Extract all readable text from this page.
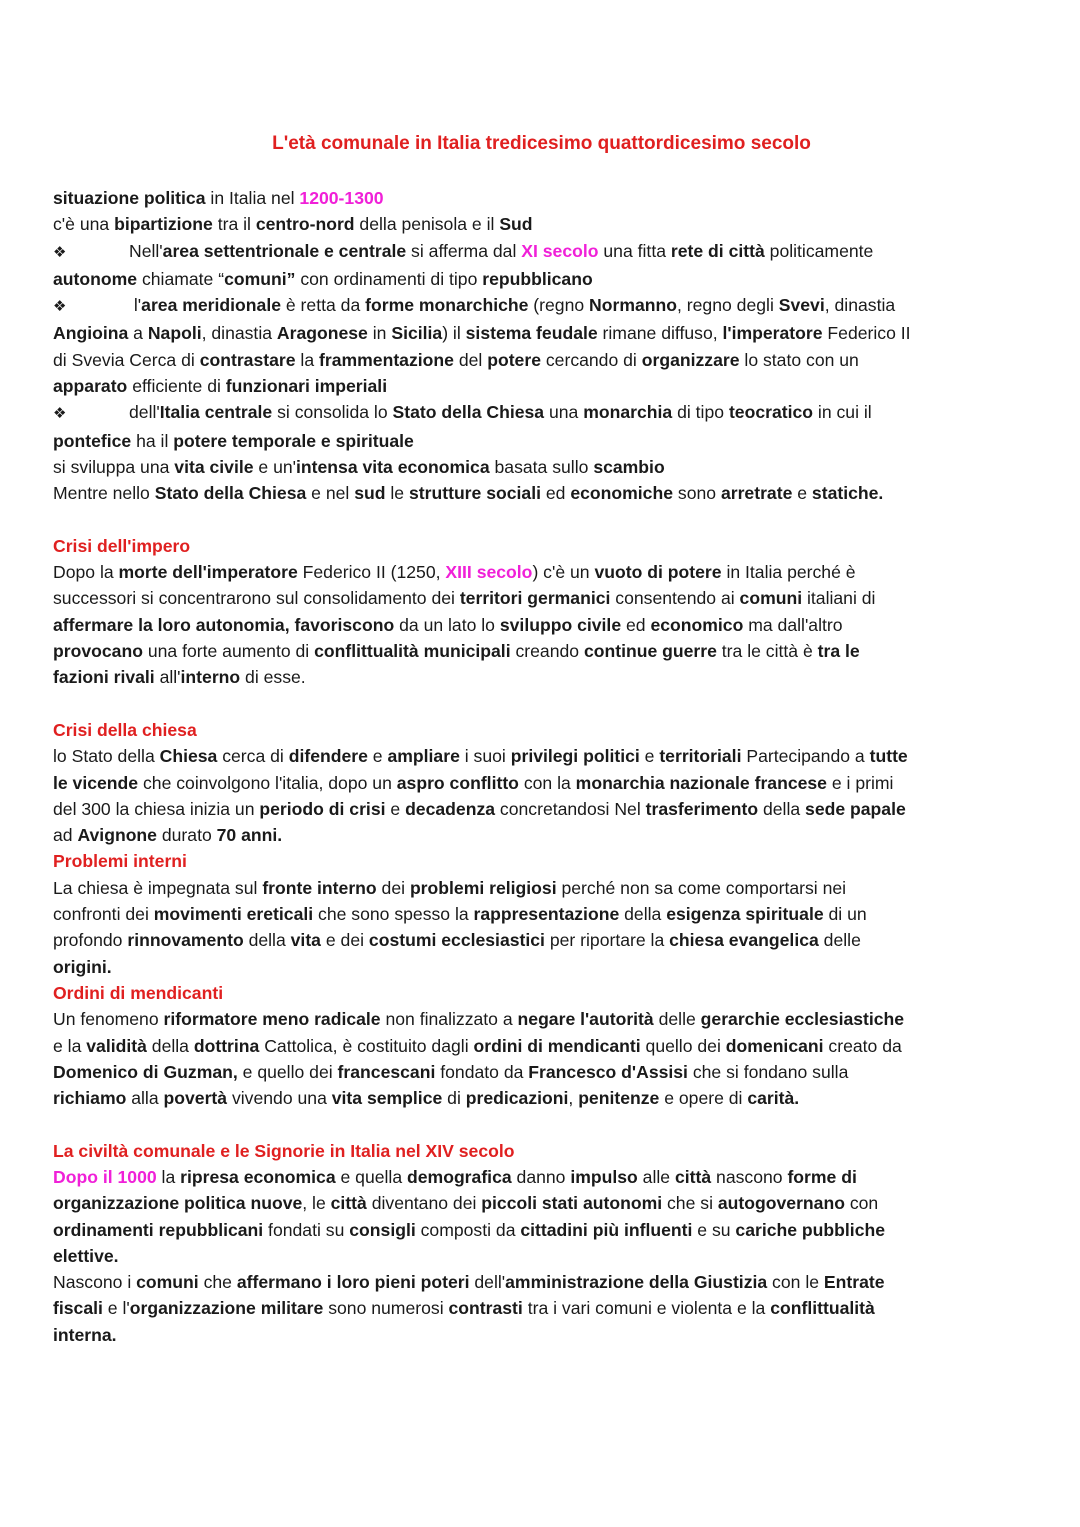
L'età comunale in Italia tredicesimo quattordicesimo secolo
situazione politica in Italia nel 1200-1300
c'è una bipartizione tra il centro-nord della penisola e il Sud
❖	Nell'area settentrionale e centrale si afferma dal XI secolo una fitta rete di città politicamente
autonome chiamate “comuni” con ordinamenti di tipo repubblicano
❖	l'area meridionale è retta da forme monarchiche (regno Normanno, regno degli Svevi, dinastia
Angioina a Napoli, dinastia Aragonese in Sicilia) il sistema feudale rimane diffuso, l'imperatore Federico II
di Svevia Cerca di contrastare la frammentazione del potere cercando di organizzare lo stato con un
apparato efficiente di funzionari imperiali
❖	dell'Italia centrale si consolida lo Stato della Chiesa una monarchia di tipo teocratico in cui il
pontefice ha il potere temporale e spirituale
si sviluppa una vita civile e un'intensa vita economica basata sullo scambio
Mentre nello Stato della Chiesa e nel sud le strutture sociali ed economiche sono arretrate e statiche.
Crisi dell'impero
Dopo la morte dell'imperatore Federico II (1250, XIII secolo) c'è un vuoto di potere in Italia perché è
successori si concentrarono sul consolidamento dei territori germanici consentendo ai comuni italiani di
affermare la loro autonomia, favoriscono da un lato lo sviluppo civile ed economico ma dall'altro
provocano una forte aumento di conflittualità municipali creando continue guerre tra le città è tra le
fazioni rivali all'interno di esse.
Crisi della chiesa
lo Stato della Chiesa cerca di difendere e ampliare i suoi privilegi politici e territoriali Partecipando a tutte
le vicende che coinvolgono l'italia, dopo un aspro conflitto con la monarchia nazionale francese e i primi
del 300 la chiesa inizia un periodo di crisi e decadenza concretandosi Nel trasferimento della sede papale
ad Avignone durato 70 anni.
Problemi interni
La chiesa è impegnata sul fronte interno dei problemi religiosi perché non sa come comportarsi nei
confronti dei movimenti ereticali che sono spesso la rappresentazione della esigenza spirituale di un
profondo rinnovamento della vita e dei costumi ecclesiastici per riportare la chiesa evangelica delle
origini.
Ordini di mendicanti
Un fenomeno riformatore meno radicale non finalizzato a negare l'autorità delle gerarchie ecclesiastiche
e la validità della dottrina Cattolica, è costituito dagli ordini di mendicanti quello dei domenicani creato da
Domenico di Guzman, e quello dei francescani fondato da Francesco d'Assisi che si fondano sulla
richiamo alla povertà vivendo una vita semplice di predicazioni, penitenze e opere di carità.
La civiltà comunale e le Signorie in Italia nel XIV secolo
Dopo il 1000 la ripresa economica e quella demografica danno impulso alle città nascono forme di
organizzazione politica nuove, le città diventano dei piccoli stati autonomi che si autogovernano con
ordinamenti repubblicani fondati su consigli composti da cittadini più influenti e su cariche pubbliche
elettive.
Nascono i comuni che affermano i loro pieni poteri dell'amministrazione della Giustizia con le Entrate
fiscali e l'organizzazione militare sono numerosi contrasti tra i vari comuni e violenta e la conflittualità
interna.
